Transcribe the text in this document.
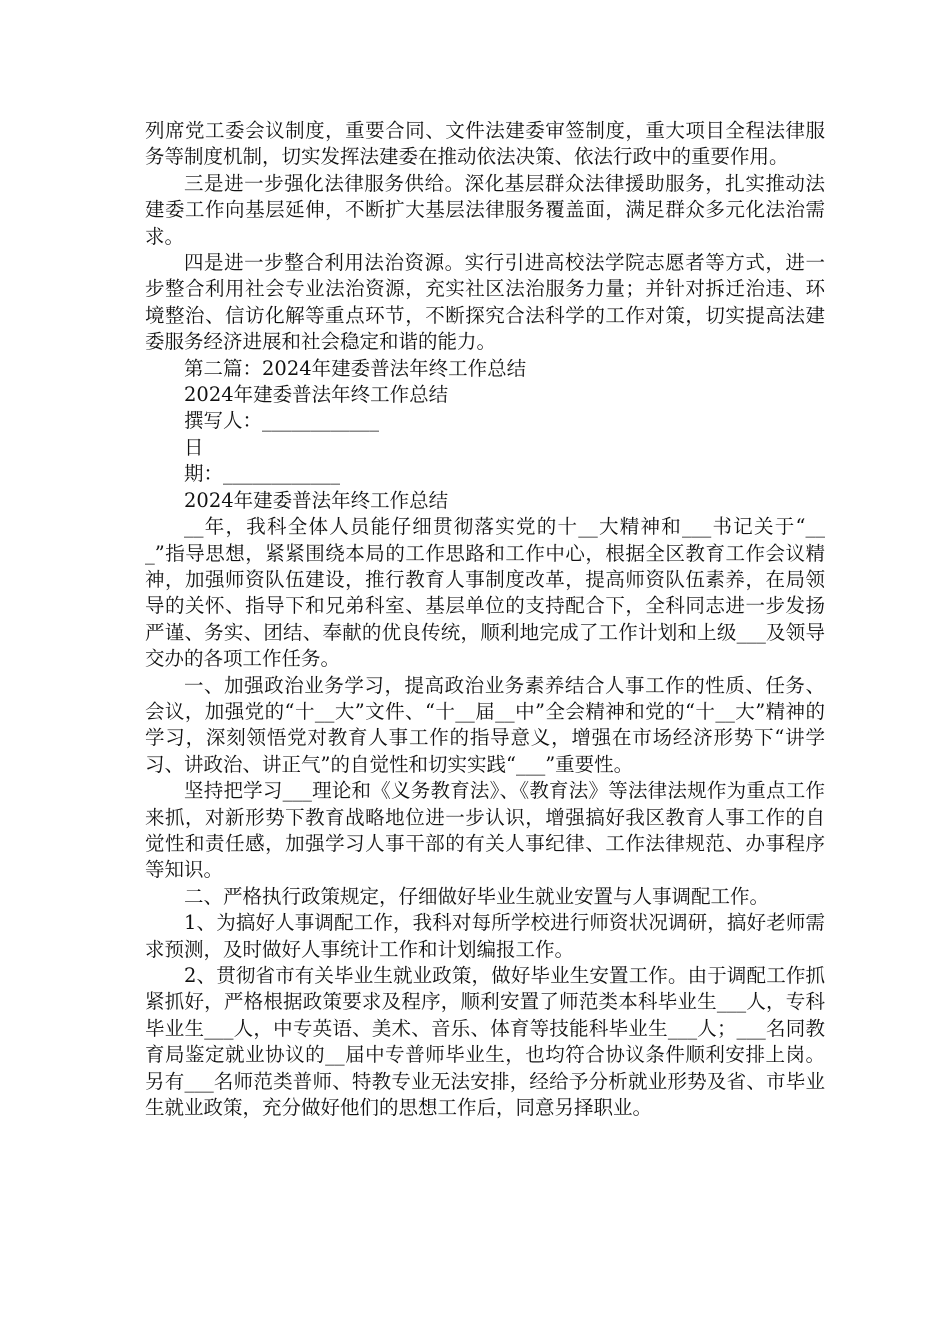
列席党工委会议制度，重要合同、文件法建委审签制度，重大项目全程法律服务等制度机制，切实发挥法建委在推动依法决策、依法行政中的重要作用。

三是进一步强化法律服务供给。深化基层群众法律援助服务，扎实推动法建委工作向基层延伸，不断扩大基层法律服务覆盖面，满足群众多元化法治需求。

四是进一步整合利用法治资源。实行引进高校法学院志愿者等方式，进一步整合利用社会专业法治资源，充实社区法治服务力量；并针对拆迁治违、环境整治、信访化解等重点环节，不断探究合法科学的工作对策，切实提高法建委服务经济进展和社会稳定和谐的能力。

第二篇：2024年建委普法年终工作总结

2024年建委普法年终工作总结

撰写人：____________

日

期：____________

2024年建委普法年终工作总结

__年，我科全体人员能仔细贯彻落实党的十__大精神和___书记关于“___”指导思想，紧紧围绕本局的工作思路和工作中心，根据全区教育工作会议精神，加强师资队伍建设，推行教育人事制度改革，提高师资队伍素养，在局领导的关怀、指导下和兄弟科室、基层单位的支持配合下，全科同志进一步发扬严谨、务实、团结、奉献的优良传统，顺利地完成了工作计划和上级___及领导交办的各项工作任务。

一、加强政治业务学习，提高政治业务素养结合人事工作的性质、任务、会议，加强党的“十__大”文件、“十__届__中”全会精神和党的“十__大”精神的学习，深刻领悟党对教育人事工作的指导意义，增强在市场经济形势下“讲学习、讲政治、讲正气”的自觉性和切实实践“___”重要性。

坚持把学习___理论和《义务教育法》、《教育法》等法律法规作为重点工作来抓，对新形势下教育战略地位进一步认识，增强搞好我区教育人事工作的自觉性和责任感，加强学习人事干部的有关人事纪律、工作法律规范、办事程序等知识。

二、严格执行政策规定，仔细做好毕业生就业安置与人事调配工作。

1、为搞好人事调配工作，我科对每所学校进行师资状况调研，搞好老师需求预测，及时做好人事统计工作和计划编报工作。

2、贯彻省市有关毕业生就业政策，做好毕业生安置工作。由于调配工作抓紧抓好，严格根据政策要求及程序，顺利安置了师范类本科毕业生___人，专科毕业生___人，中专英语、美术、音乐、体育等技能科毕业生___人；___名同教育局鉴定就业协议的__届中专普师毕业生，也均符合协议条件顺利安排上岗。另有___名师范类普师、特教专业无法安排，经给予分析就业形势及省、市毕业生就业政策，充分做好他们的思想工作后，同意另择职业。
